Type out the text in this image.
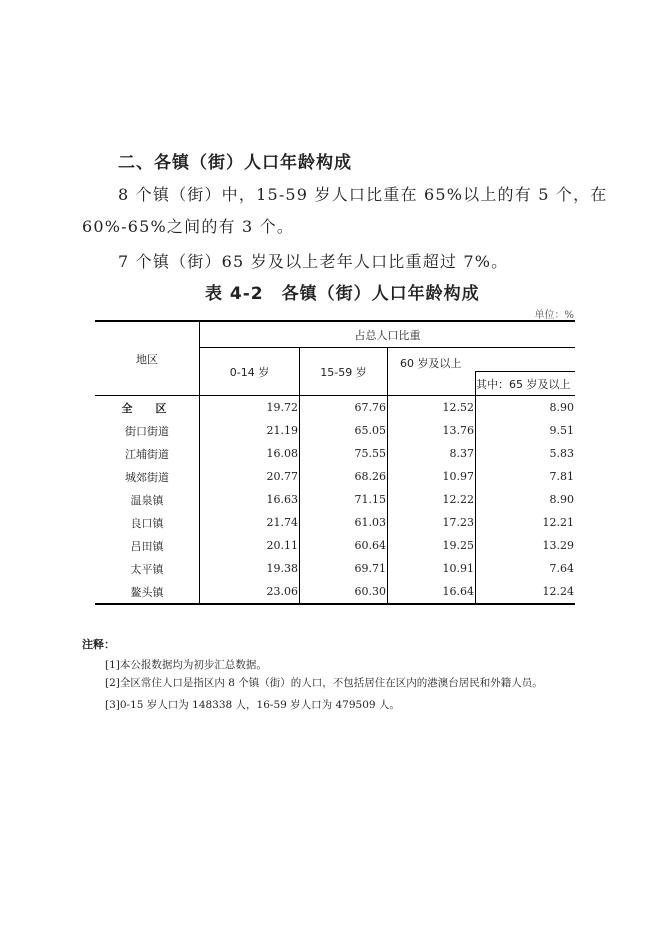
二、各镇（街）人口年龄构成
8 个镇（街）中，15-59 岁人口比重在 65%以上的有 5 个，在
60%-65%之间的有 3 个。
7 个镇（街）65 岁及以上老年人口比重超过 7%。
表 4-2　各镇（街）人口年龄构成
单位：%
地区	占总人口比重			
	0-14 岁	15-59 岁	60 岁及以上	
				其中：65 岁及以上
全　区	19.72	67.76	12.52	8.90
街口街道	21.19	65.05	13.76	9.51
江埔街道	16.08	75.55	8.37	5.83
城郊街道	20.77	68.26	10.97	7.81
温泉镇	16.63	71.15	12.22	8.90
良口镇	21.74	61.03	17.23	12.21
吕田镇	20.11	60.64	19.25	13.29
太平镇	19.38	69.71	10.91	7.64
鳌头镇	23.06	60.30	16.64	12.24
注释：
[1]本公报数据均为初步汇总数据。
[2]全区常住人口是指区内 8 个镇（街）的人口，不包括居住在区内的港澳台居民和外籍人员。
[3]0-15 岁人口为 148338 人，16-59 岁人口为 479509 人。
